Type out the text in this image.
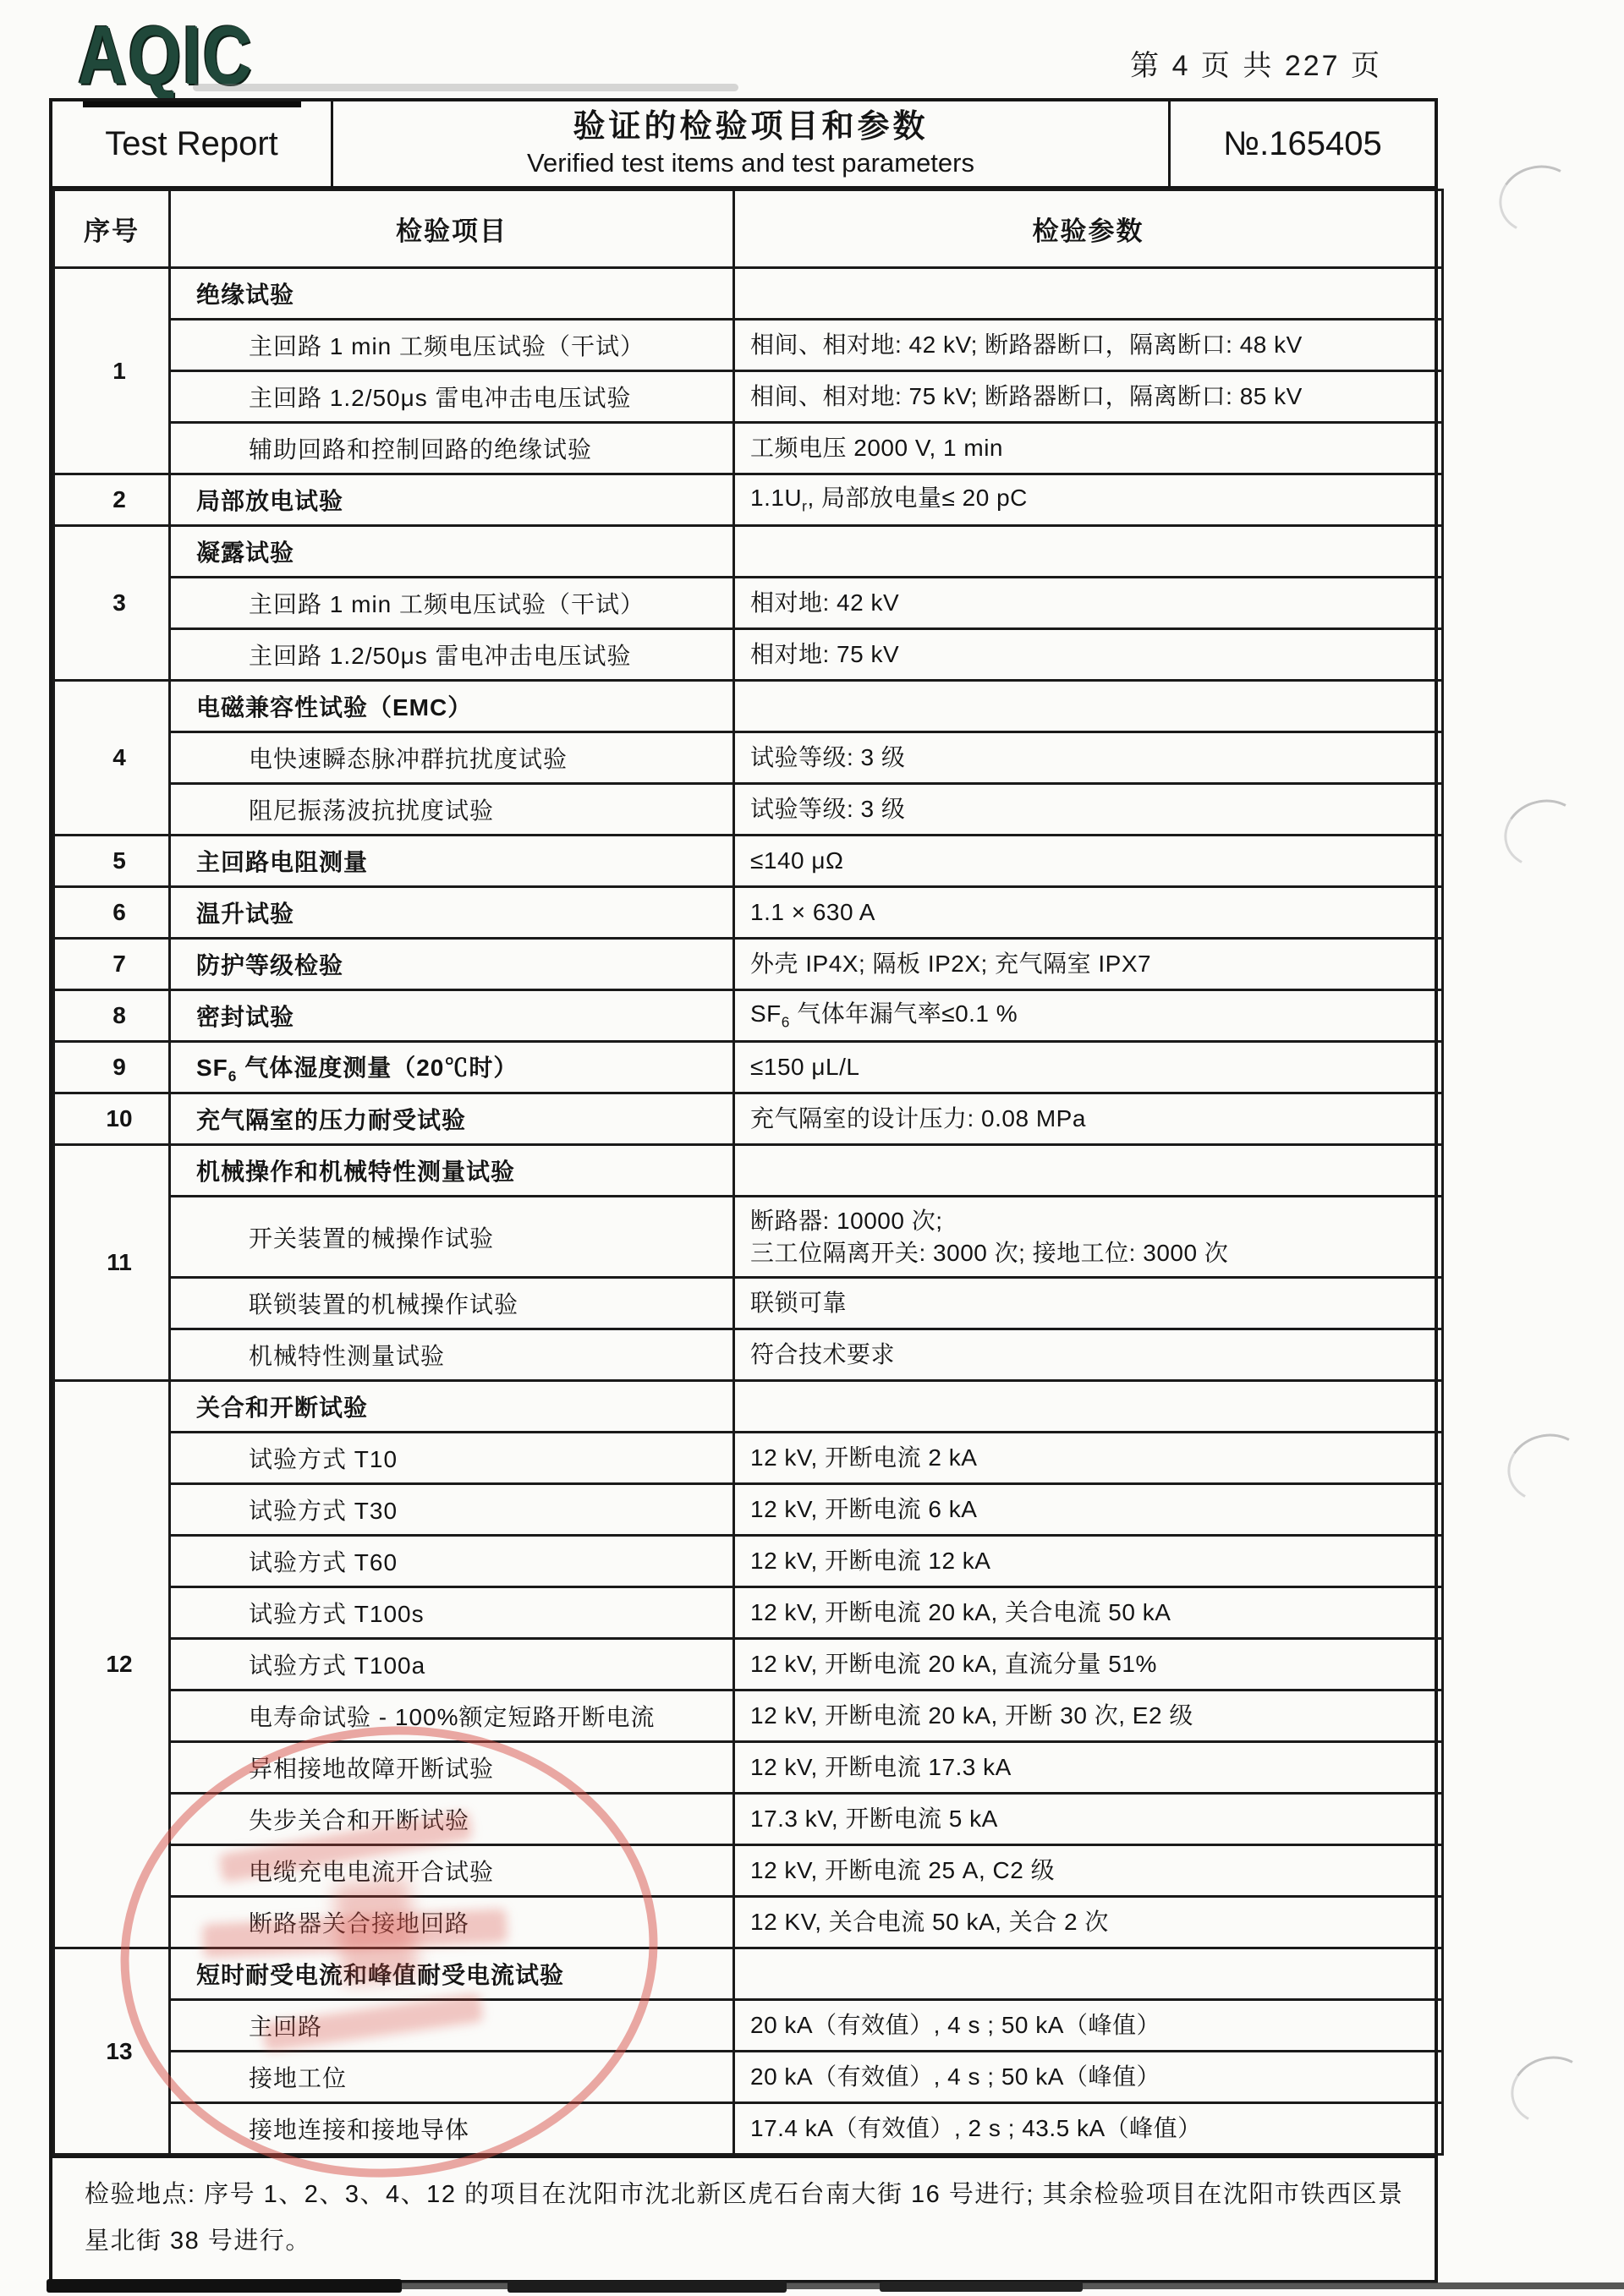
AQIC	第 4 页 共 227 页
Test Report	验证的检验项目和参数
Verified test items and test parameters
№.165405
序号	检验项目	检验参数
1	绝缘试验	
	主回路 1 min 工频电压试验（干试）	相间、相对地: 42 kV; 断路器断口，隔离断口: 48 kV
	主回路 1.2/50μs 雷电冲击电压试验	相间、相对地: 75 kV; 断路器断口，隔离断口: 85 kV
	辅助回路和控制回路的绝缘试验	工频电压 2000 V, 1 min
2	局部放电试验	$1.1U_r$, 局部放电量≤ 20 pC
3	凝露试验	
	主回路 1 min 工频电压试验（干试）	相对地: 42 kV
	主回路 1.2/50μs 雷电冲击电压试验	相对地: 75 kV
4	电磁兼容性试验（EMC）	
	电快速瞬态脉冲群抗扰度试验	试验等级: 3 级
	阻尼振荡波抗扰度试验	试验等级: 3 级
5	主回路电阻测量	≤140 μΩ
6	温升试验	1.1 × 630 A
7	防护等级检验	外壳 IP4X; 隔板 IP2X; 充气隔室 IPX7
8	密封试验	$SF_6$ 气体年漏气率≤0.1 %
9	$SF_6$ 气体湿度测量（20℃时）	≤150 μL/L
10	充气隔室的压力耐受试验	充气隔室的设计压力: 0.08 MPa
11	机械操作和机械特性测量试验	
	开关装置的械操作试验	断路器: 10000 次;
三工位隔离开关: 3000 次; 接地工位: 3000 次
	联锁装置的机械操作试验	联锁可靠
	机械特性测量试验	符合技术要求
12	关合和开断试验	
	试验方式 T10	12 kV, 开断电流 2 kA
	试验方式 T30	12 kV, 开断电流 6 kA
	试验方式 T60	12 kV, 开断电流 12 kA
	试验方式 T100s	12 kV, 开断电流 20 kA, 关合电流 50 kA
	试验方式 T100a	12 kV, 开断电流 20 kA, 直流分量 51%
	电寿命试验 - 100%额定短路开断电流	12 kV, 开断电流 20 kA, 开断 30 次, E2 级
	异相接地故障开断试验	12 kV, 开断电流 17.3 kA
	失步关合和开断试验	17.3 kV, 开断电流 5 kA
	电缆充电电流开合试验	12 kV, 开断电流 25 A, C2 级
	断路器关合接地回路	12 KV, 关合电流 50 kA, 关合 2 次
13	短时耐受电流和峰值耐受电流试验	
	主回路	20 kA（有效值）, 4 s ; 50 kA（峰值）
	接地工位	20 kA（有效值）, 4 s ; 50 kA（峰值）
	接地连接和接地导体	17.4 kA（有效值）, 2 s ; 43.5 kA（峰值）
检验地点: 序号 1、2、3、4、12 的项目在沈阳市沈北新区虎石台南大街 16 号进行; 其余检验项目在沈阳市铁西区景星北街 38 号进行。
